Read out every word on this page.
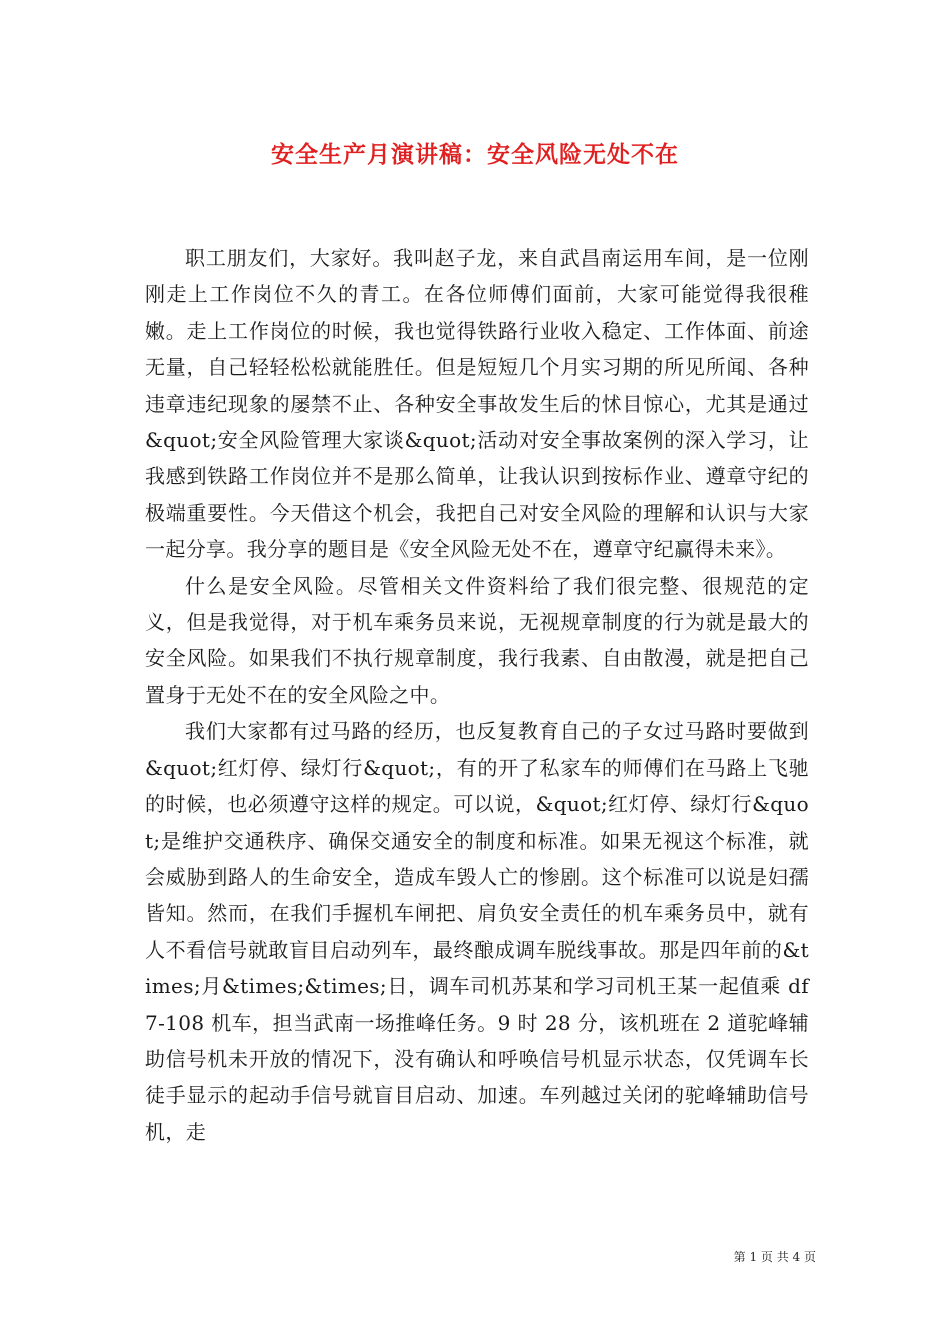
安全生产月演讲稿：安全风险无处不在

职工朋友们，大家好。我叫赵子龙，来自武昌南运用车间，是一位刚刚走上工作岗位不久的青工。在各位师傅们面前，大家可能觉得我很稚嫩。走上工作岗位的时候，我也觉得铁路行业收入稳定、工作体面、前途无量，自己轻轻松松就能胜任。但是短短几个月实习期的所见所闻、各种违章违纪现象的屡禁不止、各种安全事故发生后的怵目惊心，尤其是通过&quot;安全风险管理大家谈&quot;活动对安全事故案例的深入学习，让我感到铁路工作岗位并不是那么简单，让我认识到按标作业、遵章守纪的极端重要性。今天借这个机会，我把自己对安全风险的理解和认识与大家一起分享。我分享的题目是《安全风险无处不在，遵章守纪赢得未来》。

什么是安全风险。尽管相关文件资料给了我们很完整、很规范的定义，但是我觉得，对于机车乘务员来说，无视规章制度的行为就是最大的安全风险。如果我们不执行规章制度，我行我素、自由散漫，就是把自己置身于无处不在的安全风险之中。

我们大家都有过马路的经历，也反复教育自己的子女过马路时要做到&quot;红灯停、绿灯行&quot;，有的开了私家车的师傅们在马路上飞驰的时候，也必须遵守这样的规定。可以说，&quot;红灯停、绿灯行&quot;是维护交通秩序、确保交通安全的制度和标准。如果无视这个标准，就会威胁到路人的生命安全，造成车毁人亡的惨剧。这个标准可以说是妇孺皆知。然而，在我们手握机车闸把、肩负安全责任的机车乘务员中，就有人不看信号就敢盲目启动列车，最终酿成调车脱线事故。那是四年前的&times;月&times;&times;日，调车司机苏某和学习司机王某一起值乘 df7-108 机车，担当武南一场推峰任务。9 时 28 分，该机班在 2 道驼峰辅助信号机未开放的情况下，没有确认和呼唤信号机显示状态，仅凭调车长徒手显示的起动手信号就盲目启动、加速。车列越过关闭的驼峰辅助信号机，走

第 1 页 共 4 页
